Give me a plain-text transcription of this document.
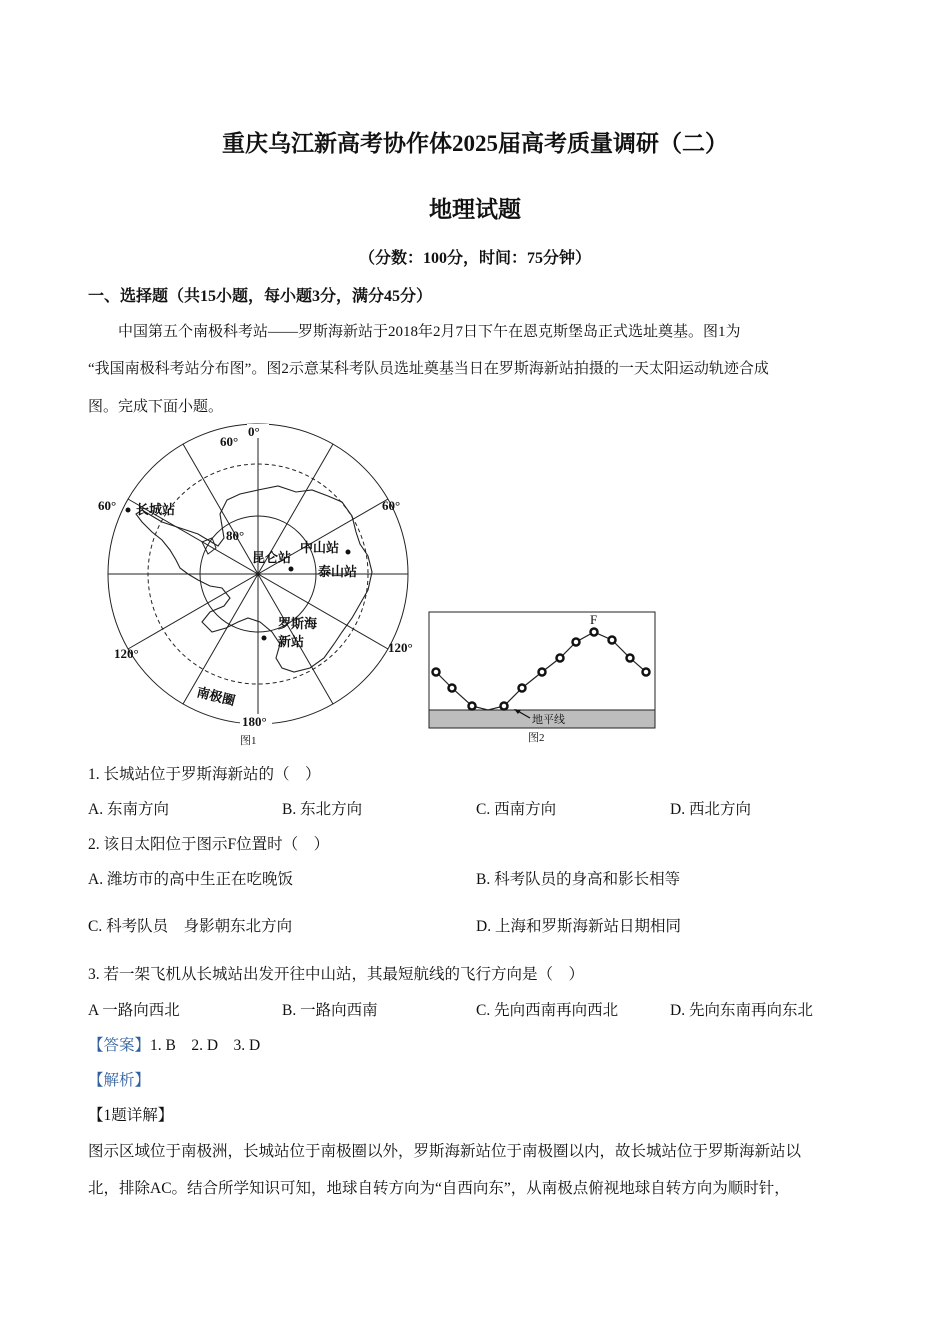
重庆乌江新高考协作体2025届高考质量调研（二）
地理试题
（分数：100分，时间：75分钟）
一、选择题（共15小题，每小题3分，满分45分）
中国第五个南极科考站——罗斯海新站于2018年2月7日下午在恩克斯堡岛正式选址奠基。图1为
“我国南极科考站分布图”。图2示意某科考队员选址奠基当日在罗斯海新站拍摄的一天太阳运动轨迹合成
图。完成下面小题。
0°
60°
60°	60°
120°	120°
180°
80°
长城站
昆仑站
中山站
泰山站
罗斯海
新站
南极圈
图1
F
地平线
图2
1. 长城站位于罗斯海新站的（　）
A. 东南方向	B. 东北方向	C. 西南方向	D. 西北方向
2. 该日太阳位于图示F位置时（　）
A. 潍坊市的高中生正在吃晚饭	B. 科考队员的身高和影长相等
C. 科考队员　身影朝东北方向	D. 上海和罗斯海新站日期相同
3. 若一架飞机从长城站出发开往中山站，其最短航线的飞行方向是（　）
A 一路向西北	B. 一路向西南	C. 先向西南再向西北	D. 先向东南再向东北
【答案】1. B　2. D　3. D
【解析】
【1题详解】
图示区域位于南极洲，长城站位于南极圈以外，罗斯海新站位于南极圈以内，故长城站位于罗斯海新站以
北，排除AC。结合所学知识可知，地球自转方向为“自西向东”，从南极点俯视地球自转方向为顺时针，
